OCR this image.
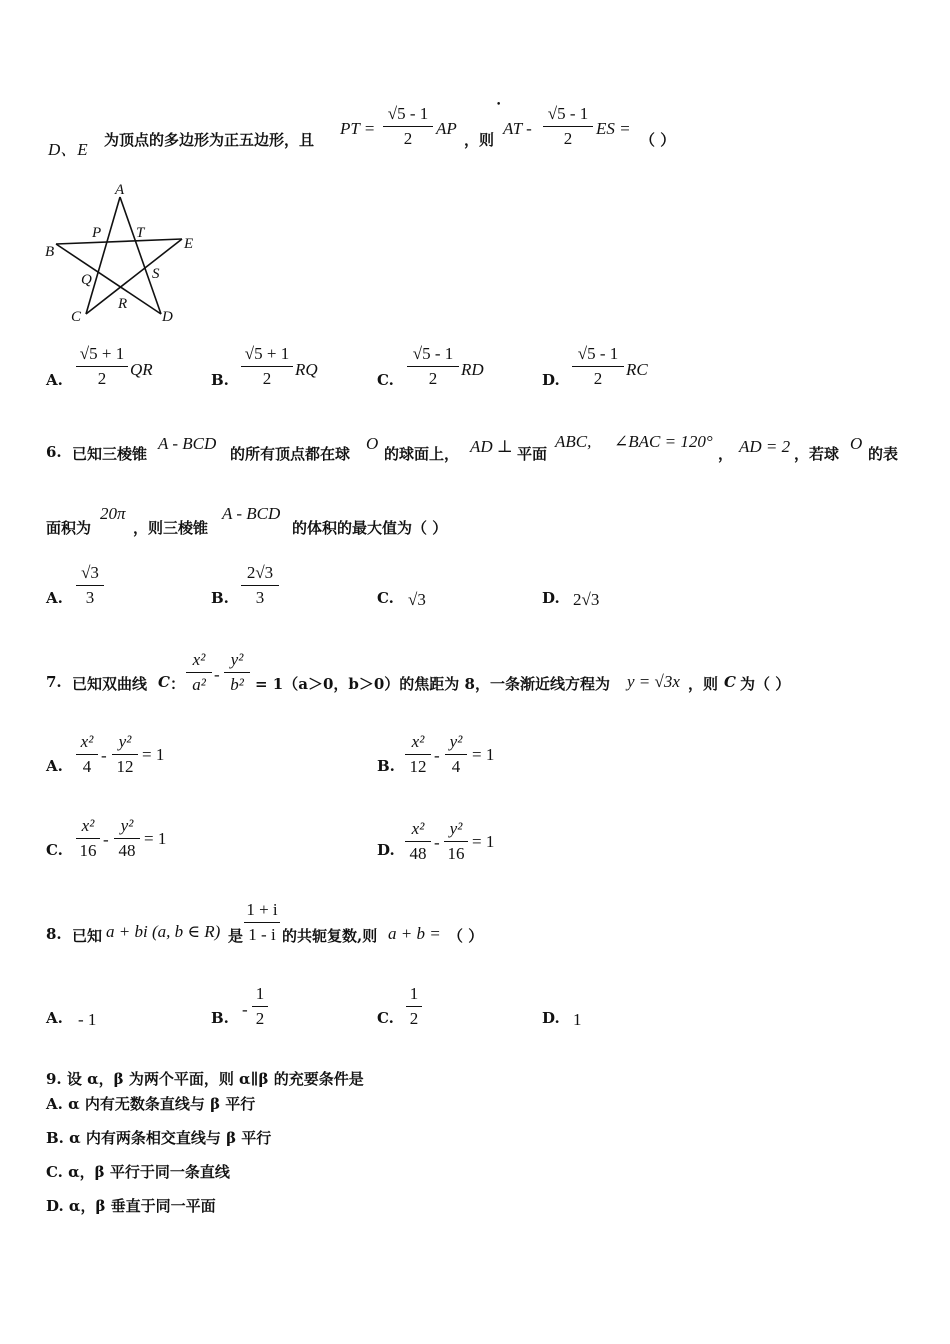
D、E 为顶点的多边形为正五边形，且
PT = $\frac{√5 - 1}{2}$ AP
，则
•
AT - $\frac{√5 - 1}{2}$ ES =
（ ）
A
P T
B	E
Q	S
R
C	D
A. $\frac{√5 + 1}{2}$ QR
B. $\frac{√5 + 1}{2}$ RQ
C. $\frac{√5 - 1}{2}$ RD
D. $\frac{√5 - 1}{2}$ RC
6. 已知三棱锥
A - BCD
的所有顶点都在球
O
的球面上， AD ⊥ 平面
ABC, ∠BAC = 120°
， AD = 2 ，若球
O
的表
面积为
20π
，则三棱锥
A - BCD
的体积的最大值为（ ）
A. $\frac{√3}{3}$	B. $\frac{2√3}{3}$	C. √3	D. 2√3
7. 已知双曲线 C ： $\frac{\text{x²}}{\text{a²}} - \frac{\text{y²}}{\text{b²}} = 1(a>0$，b＞0）的焦距为 8，一条渐近线方程为 y = √3x ，则 C 为（ ）
A. $\frac{\text{x²}}{4} - \frac{\text{y²}}{12} = 1$
B. $\frac{\text{x²}}{12} - \frac{\text{y²}}{4} = 1$
C. $\frac{\text{x²}}{16} - \frac{\text{y²}}{48} = 1$
D. $\frac{\text{x²}}{48} - \frac{\text{y²}}{16} = 1$
8. 已知 a + bi (a, b ∈ R) 是 $\frac{1 + i}{1 - i}$ 的共轭复数,则 a + b = （ ）
A. - 1	B. - $\frac{1}{2}$	C. $\frac{1}{2}$	D. 1
9. 设 α，β 为两个平面，则 α∥β 的充要条件是
A. α 内有无数条直线与 β 平行
B. α 内有两条相交直线与 β 平行
C. α，β 平行于同一条直线
D. α，β 垂直于同一平面
